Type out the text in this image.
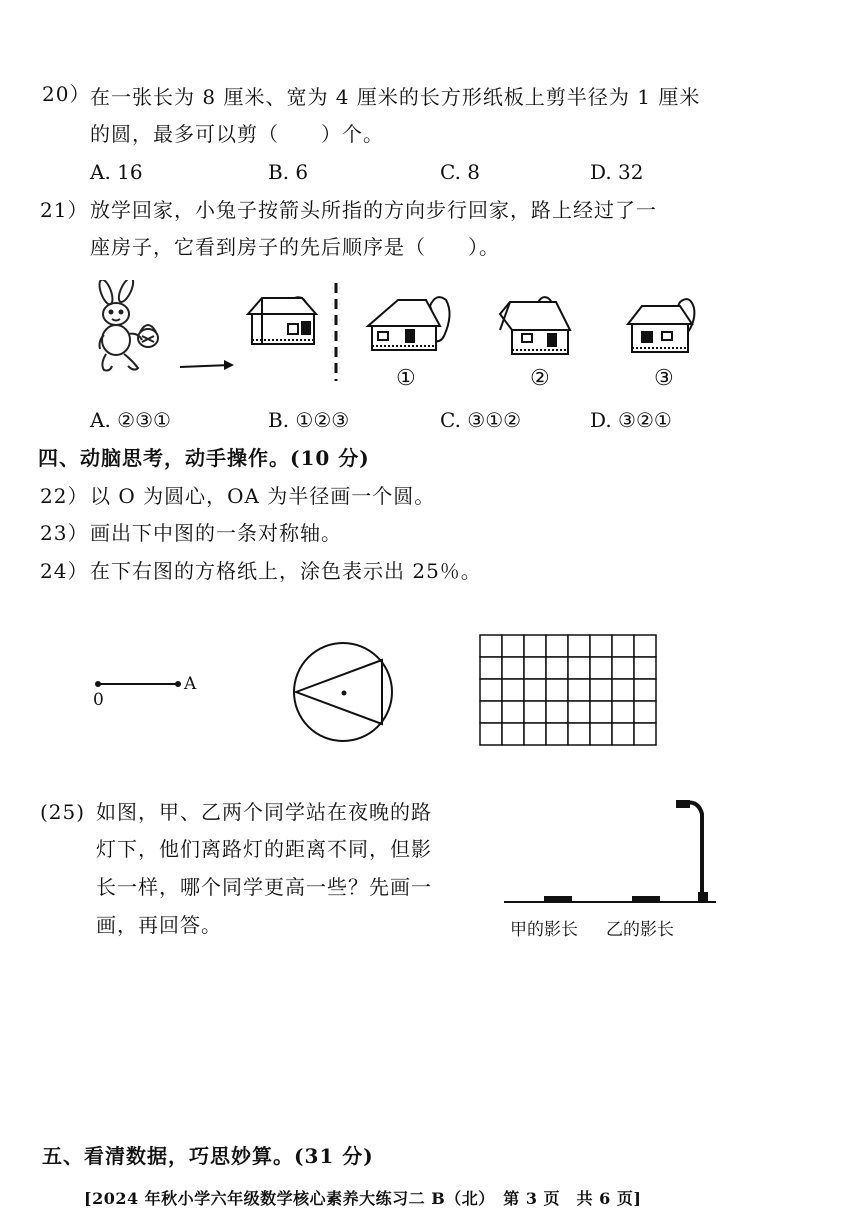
20） 在一张长为 8 厘米、宽为 4 厘米的长方形纸板上剪半径为 1 厘米
的圆，最多可以剪（　　）个。
A. 16	B. 6	C. 8	D. 32
21） 放学回家，小兔子按箭头所指的方向步行回家，路上经过了一
座房子，它看到房子的先后顺序是（　　）。
①	②	③
A. ②③①	B. ①②③	C. ③①②	D. ③②①
四、动脑思考，动手操作。(10 分)
22） 以 O 为圆心，OA 为半径画一个圆。
23） 画出下中图的一条对称轴。
24） 在下右图的方格纸上，涂色表示出 25％。
0
A
(25) 如图，甲、乙两个同学站在夜晚的路
灯下，他们离路灯的距离不同，但影
长一样，哪个同学更高一些？先画一
画，再回答。	甲的影长 乙的影长
五、看清数据，巧思妙算。(31 分)
[2024 年秋小学六年级数学核心素养大练习二 B（北）　第 3 页　共 6 页]
